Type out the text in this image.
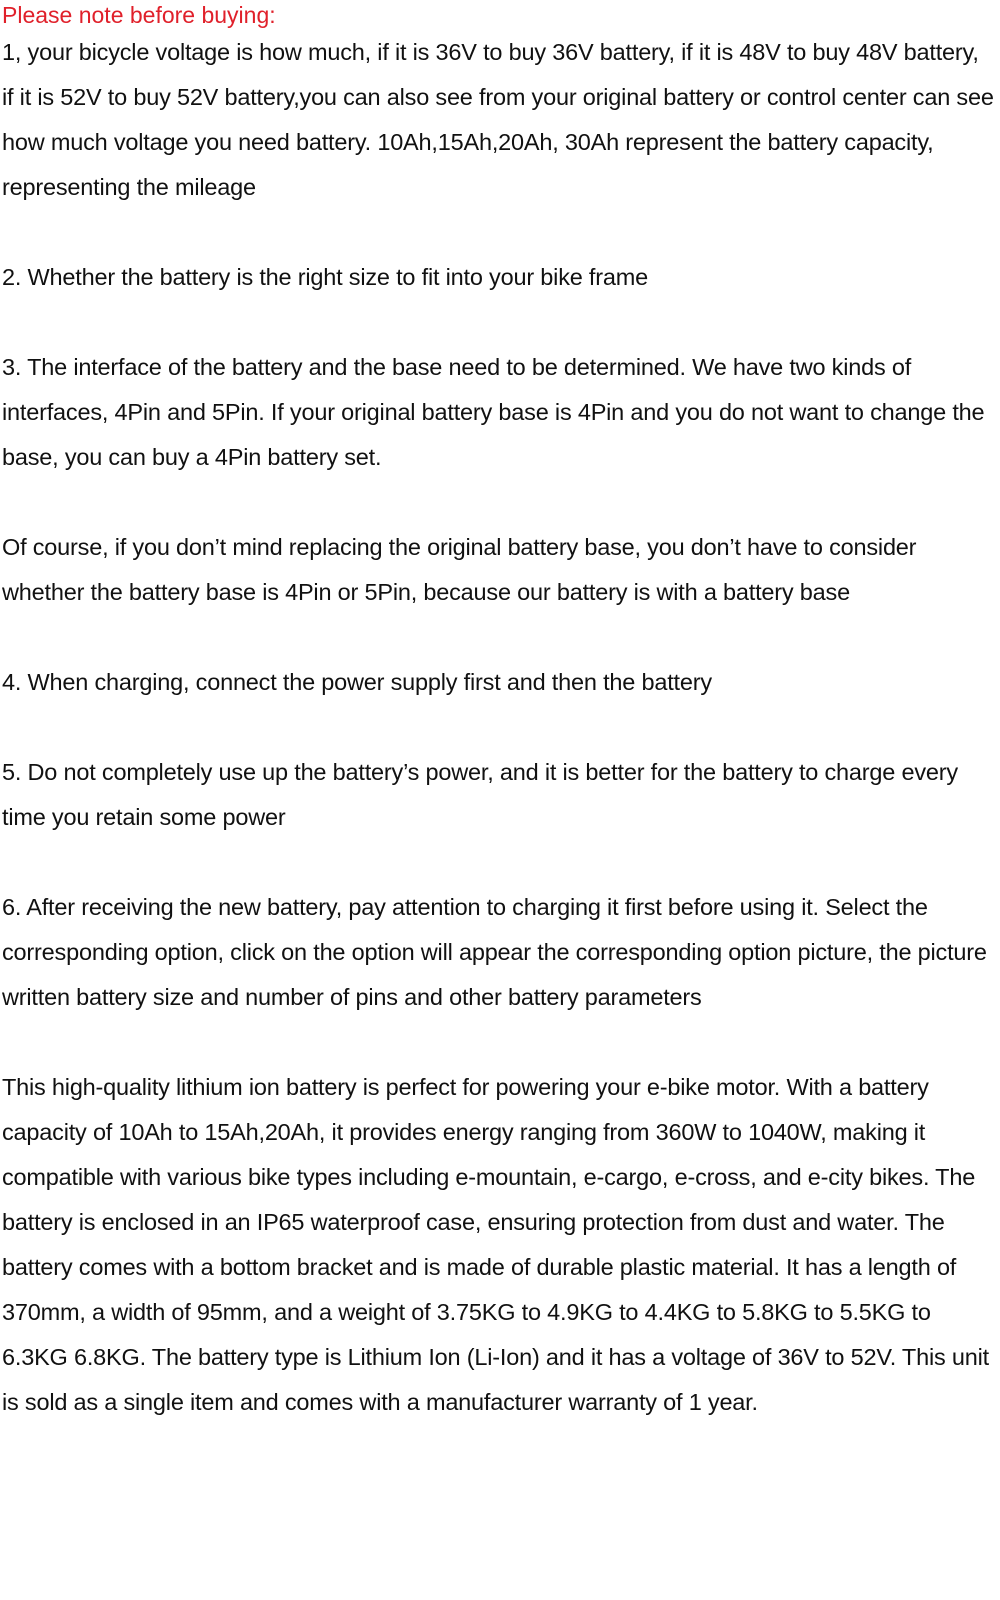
Please note before buying:

1, your bicycle voltage is how much, if it is 36V to buy 36V battery, if it is 48V to buy 48V battery, if it is 52V to buy 52V battery,you can also see from your original battery or control center can see how much voltage you need battery. 10Ah,15Ah,20Ah, 30Ah represent the battery capacity, representing the mileage

2. Whether the battery is the right size to fit into your bike frame

3. The interface of the battery and the base need to be determined. We have two kinds of interfaces, 4Pin and 5Pin. If your original battery base is 4Pin and you do not want to change the base, you can buy a 4Pin battery set.

Of course, if you don’t mind replacing the original battery base, you don’t have to consider whether the battery base is 4Pin or 5Pin, because our battery is with a battery base

4. When charging, connect the power supply first and then the battery

5. Do not completely use up the battery’s power, and it is better for the battery to charge every time you retain some power

6. After receiving the new battery, pay attention to charging it first before using it. Select the corresponding option, click on the option will appear the corresponding option picture, the picture written battery size and number of pins and other battery parameters

This high-quality lithium ion battery is perfect for powering your e-bike motor. With a battery capacity of 10Ah to 15Ah,20Ah, it provides energy ranging from 360W to 1040W, making it compatible with various bike types including e-mountain, e-cargo, e-cross, and e-city bikes. The battery is enclosed in an IP65 waterproof case, ensuring protection from dust and water. The battery comes with a bottom bracket and is made of durable plastic material. It has a length of 370mm, a width of 95mm, and a weight of 3.75KG to 4.9KG to 4.4KG to 5.8KG to 5.5KG to 6.3KG 6.8KG. The battery type is Lithium Ion (Li-Ion) and it has a voltage of 36V to 52V. This unit is sold as a single item and comes with a manufacturer warranty of 1 year.
